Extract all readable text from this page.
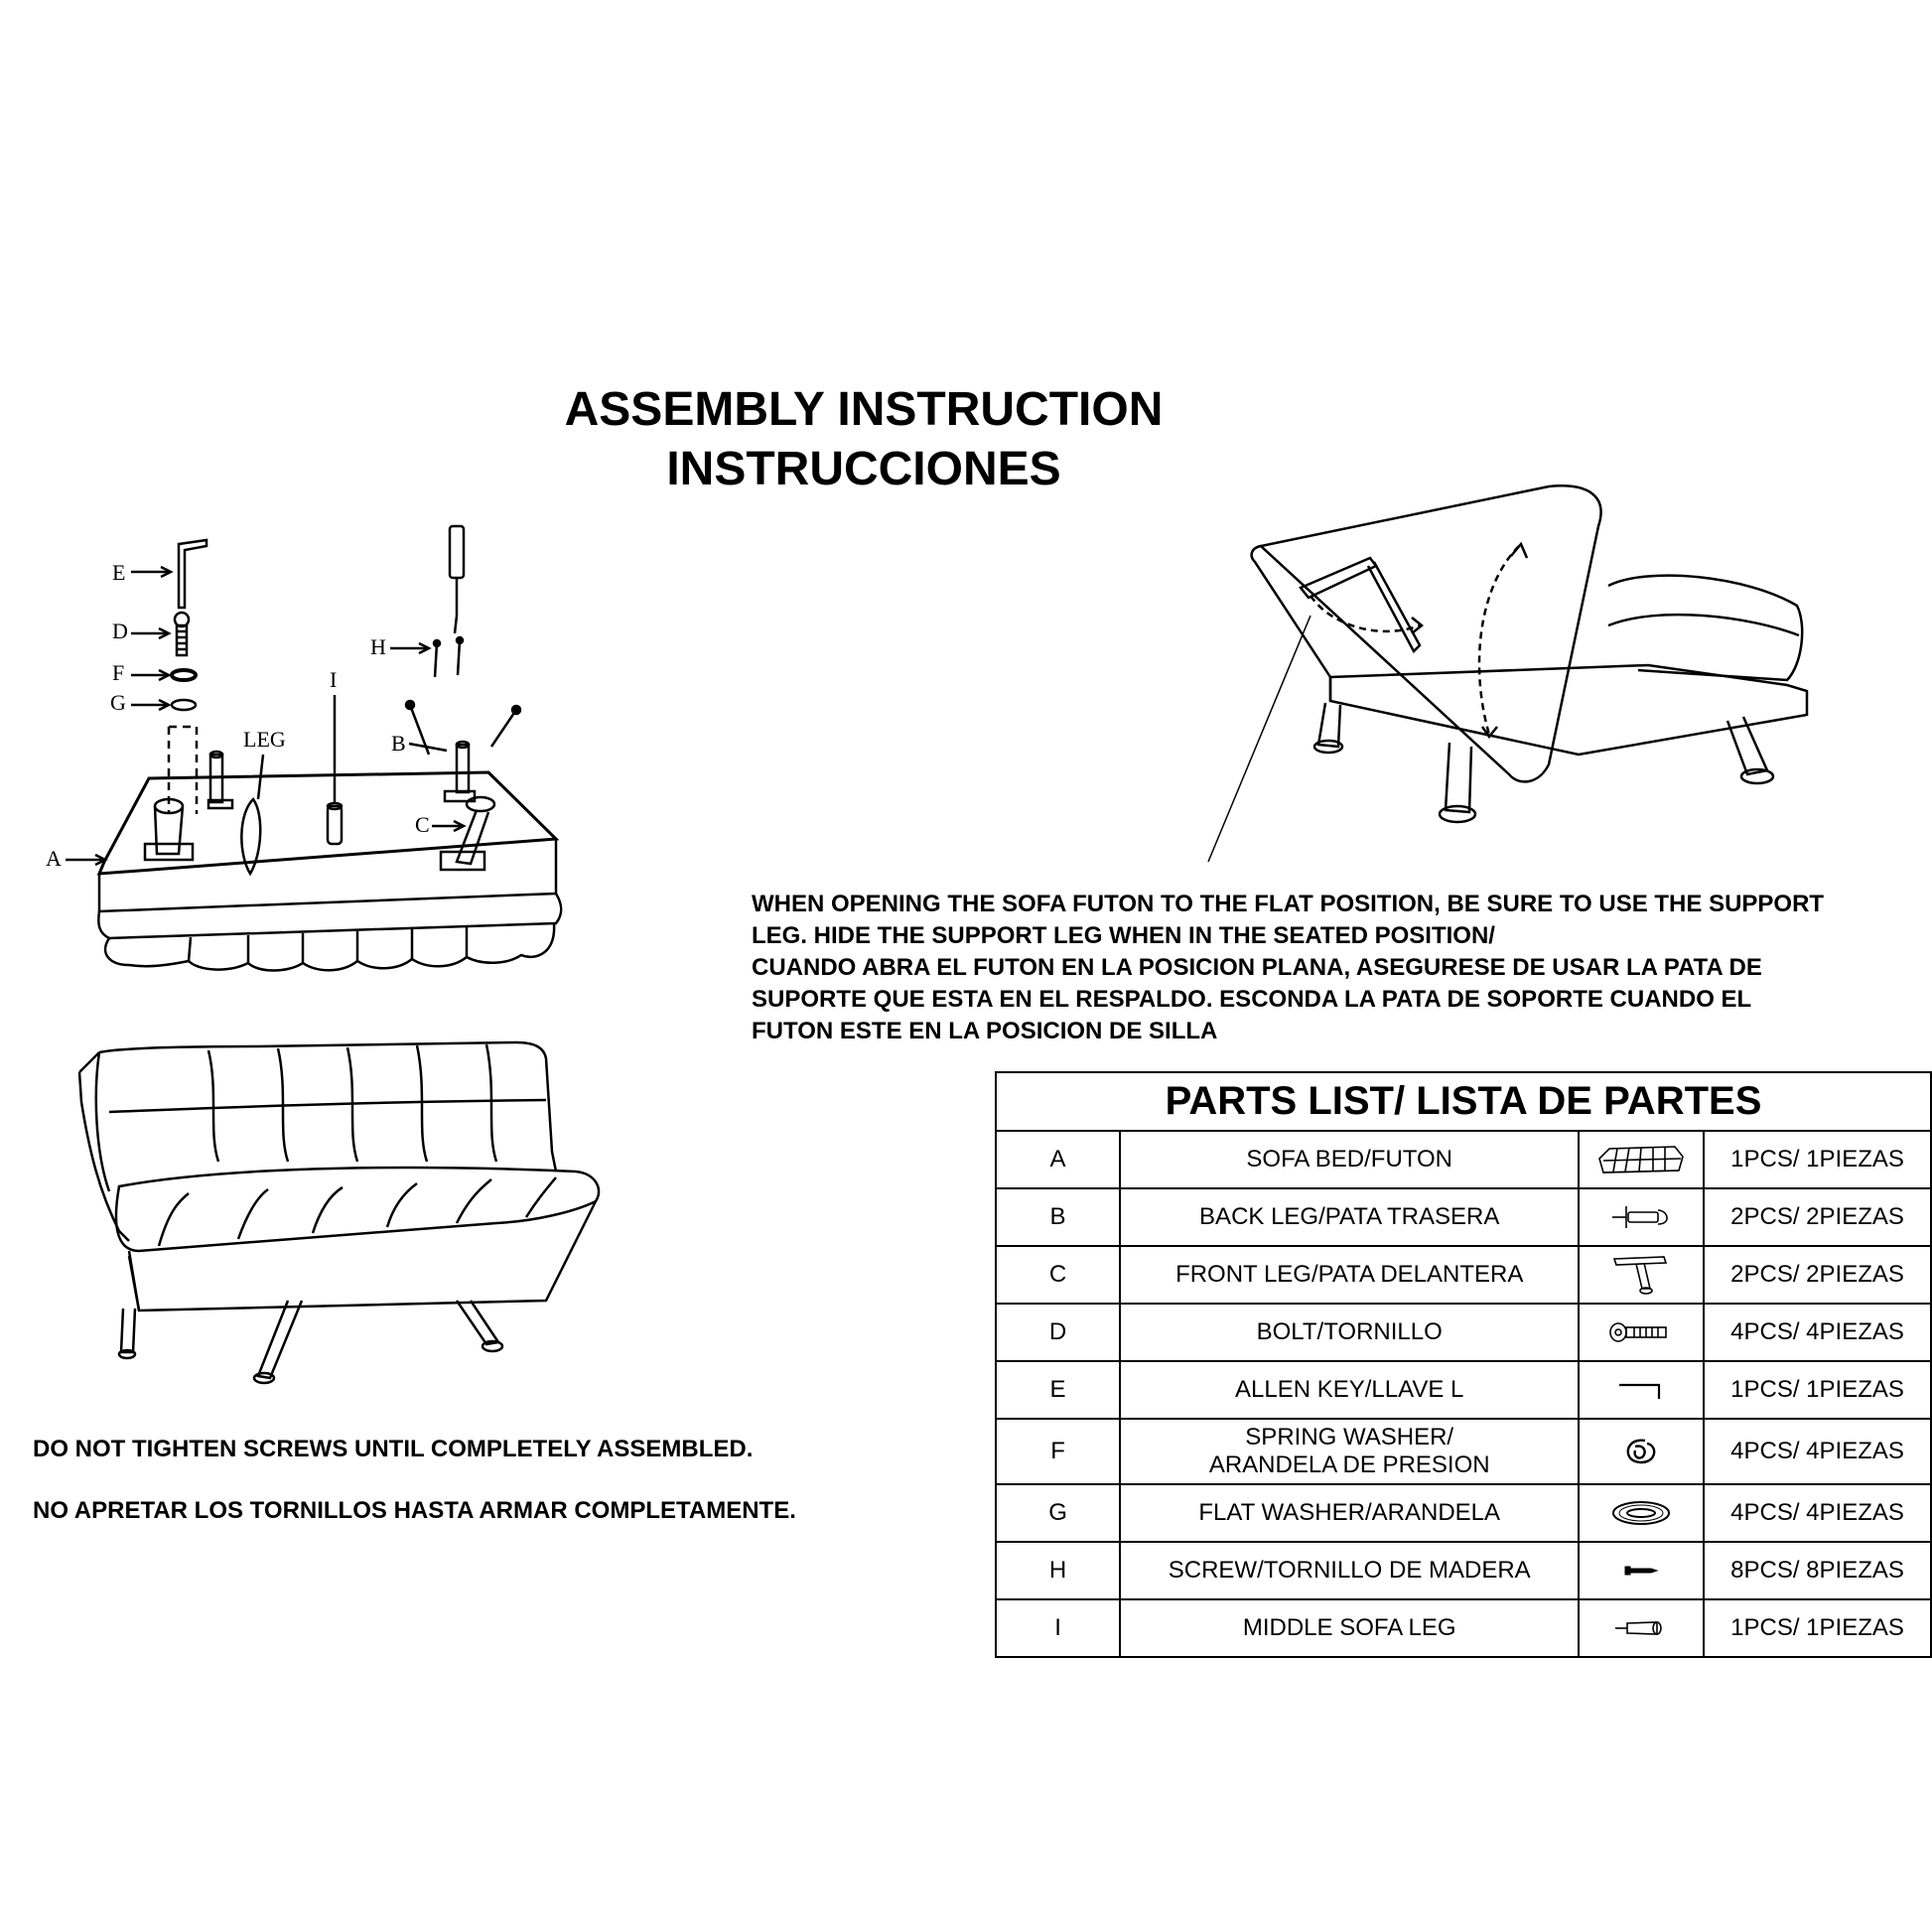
ASSEMBLY INSTRUCTION
INSTRUCCIONES
E
D
F
G
H
I
LEG	B
C
A
WHEN OPENING THE SOFA FUTON TO THE FLAT POSITION, BE SURE TO USE THE SUPPORT
LEG. HIDE THE SUPPORT LEG WHEN IN THE SEATED POSITION/
CUANDO ABRA EL FUTON EN LA POSICION PLANA, ASEGURESE DE USAR LA PATA DE
SUPORTE QUE ESTA EN EL RESPALDO. ESCONDA LA PATA DE SOPORTE CUANDO EL
FUTON ESTE EN LA POSICION DE SILLA
DO NOT TIGHTEN SCREWS UNTIL COMPLETELY ASSEMBLED.
NO APRETAR LOS TORNILLOS HASTA ARMAR COMPLETAMENTE.
PARTS LIST/ LISTA DE PARTES			
A	SOFA BED/FUTON		1PCS/ 1PIEZAS
B	BACK LEG/PATA TRASERA		2PCS/ 2PIEZAS
C	FRONT LEG/PATA DELANTERA		2PCS/ 2PIEZAS
D	BOLT/TORNILLO		4PCS/ 4PIEZAS
E	ALLEN KEY/LLAVE L		1PCS/ 1PIEZAS
F	SPRING WASHER/
ARANDELA DE PRESION		4PCS/ 4PIEZAS
G	FLAT WASHER/ARANDELA		4PCS/ 4PIEZAS
H	SCREW/TORNILLO DE MADERA		8PCS/ 8PIEZAS
I	MIDDLE SOFA LEG		1PCS/ 1PIEZAS
